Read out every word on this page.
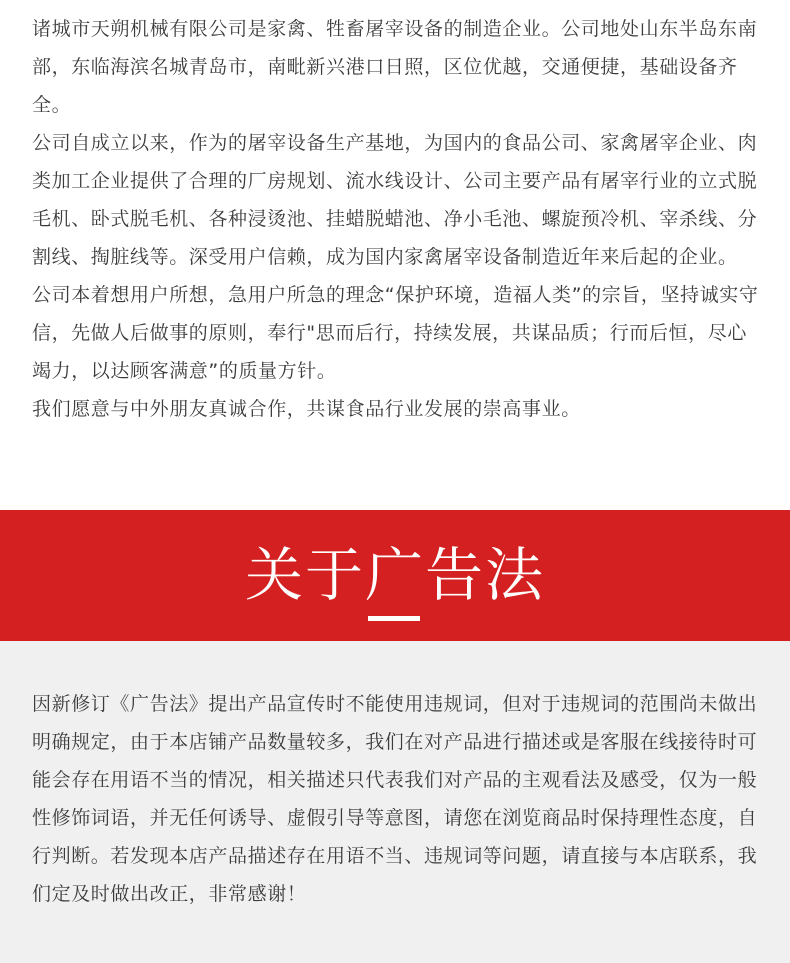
诸城市天朔机械有限公司是家禽、牲畜屠宰设备的制造企业。公司地处山东半岛东南部，东临海滨名城青岛市，南毗新兴港口日照，区位优越，交通便捷，基础设备齐全。

公司自成立以来，作为的屠宰设备生产基地，为国内的食品公司、家禽屠宰企业、肉类加工企业提供了合理的厂房规划、流水线设计、公司主要产品有屠宰行业的立式脱毛机、卧式脱毛机、各种浸烫池、挂蜡脱蜡池、净小毛池、螺旋预冷机、宰杀线、分割线、掏脏线等。深受用户信赖，成为国内家禽屠宰设备制造近年来后起的企业。

公司本着想用户所想，急用户所急的理念“保护环境，造福人类”的宗旨，坚持诚实守信，先做人后做事的原则，奉行"思而后行，持续发展，共谋品质；行而后恒，尽心竭力，以达顾客满意”的质量方针。

我们愿意与中外朋友真诚合作，共谋食品行业发展的崇高事业。

关于广告法

因新修订《广告法》提出产品宣传时不能使用违规词，但对于违规词的范围尚未做出明确规定，由于本店铺产品数量较多，我们在对产品进行描述或是客服在线接待时可能会存在用语不当的情况，相关描述只代表我们对产品的主观看法及感受，仅为一般性修饰词语，并无任何诱导、虚假引导等意图，请您在浏览商品时保持理性态度，自行判断。若发现本店产品描述存在用语不当、违规词等问题，请直接与本店联系，我们定及时做出改正，非常感谢！
